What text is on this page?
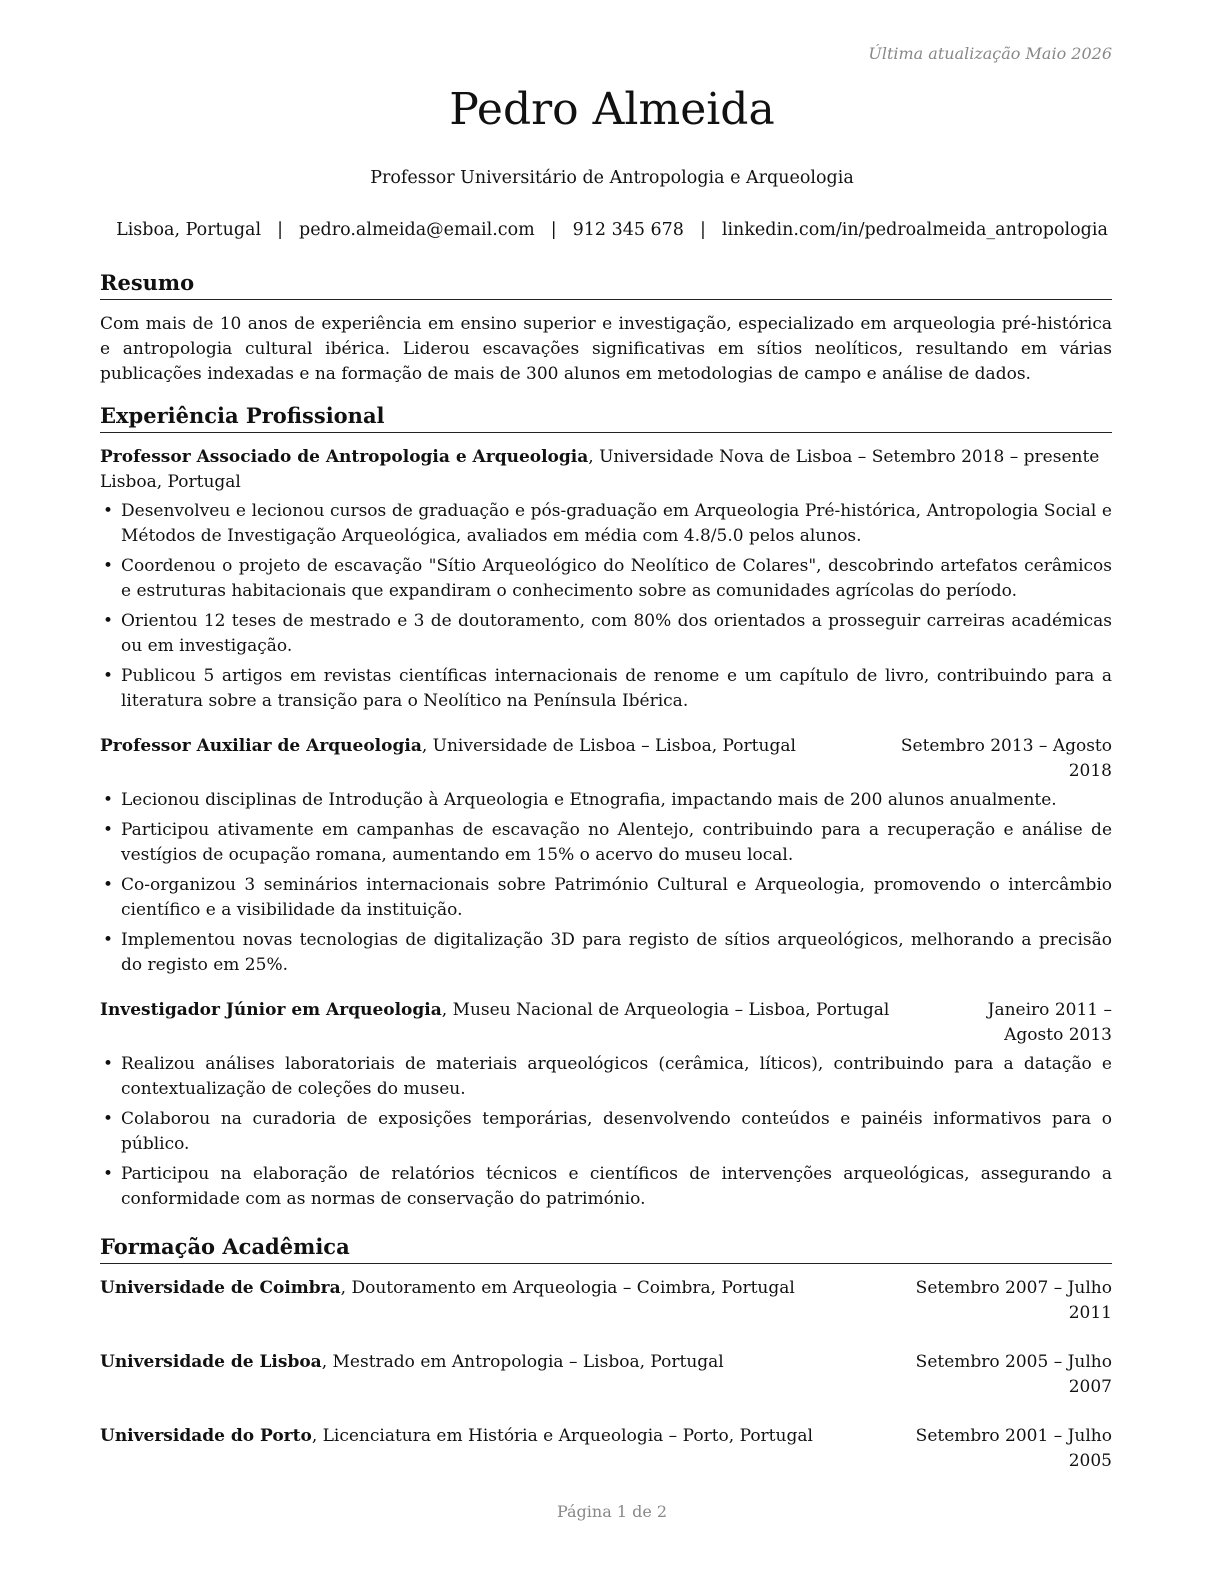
Última atualização Maio 2026
Pedro Almeida
Professor Universitário de Antropologia e Arqueologia
Lisboa, Portugal | pedro.almeida@email.com | 912 345 678 | linkedin.com/in/pedroalmeida_antropologia
Resumo
Com mais de 10 anos de experiência em ensino superior e investigação, especializado em arqueologia pré-histórica e antropologia cultural ibérica. Liderou escavações significativas em sítios neolíticos, resultando em várias publicações indexadas e na formação de mais de 300 alunos em metodologias de campo e análise de dados.
Experiência Profissional
Professor Associado de Antropologia e Arqueologia, Universidade Nova de Lisboa – Setembro 2018 – presente Lisboa, Portugal
• Desenvolveu e lecionou cursos de graduação e pós-graduação em Arqueologia Pré-histórica, Antropologia Social e Métodos de Investigação Arqueológica, avaliados em média com 4.8/5.0 pelos alunos.
• Coordenou o projeto de escavação "Sítio Arqueológico do Neolítico de Colares", descobrindo artefatos cerâmicos e estruturas habitacionais que expandiram o conhecimento sobre as comunidades agrícolas do período.
• Orientou 12 teses de mestrado e 3 de doutoramento, com 80% dos orientados a prosseguir carreiras académicas ou em investigação.
• Publicou 5 artigos em revistas científicas internacionais de renome e um capítulo de livro, contribuindo para a literatura sobre a transição para o Neolítico na Península Ibérica.
Professor Auxiliar de Arqueologia, Universidade de Lisboa – Lisboa, Portugal	Setembro 2013 – Agosto 2018
• Lecionou disciplinas de Introdução à Arqueologia e Etnografia, impactando mais de 200 alunos anualmente.
• Participou ativamente em campanhas de escavação no Alentejo, contribuindo para a recuperação e análise de vestígios de ocupação romana, aumentando em 15% o acervo do museu local.
• Co-organizou 3 seminários internacionais sobre Património Cultural e Arqueologia, promovendo o intercâmbio científico e a visibilidade da instituição.
• Implementou novas tecnologias de digitalização 3D para registo de sítios arqueológicos, melhorando a precisão do registo em 25%.
Investigador Júnior em Arqueologia, Museu Nacional de Arqueologia – Lisboa, Portugal	Janeiro 2011 – Agosto 2013
• Realizou análises laboratoriais de materiais arqueológicos (cerâmica, líticos), contribuindo para a datação e contextualização de coleções do museu.
• Colaborou na curadoria de exposições temporárias, desenvolvendo conteúdos e painéis informativos para o público.
• Participou na elaboração de relatórios técnicos e científicos de intervenções arqueológicas, assegurando a conformidade com as normas de conservação do património.
Formação Acadêmica
Universidade de Coimbra, Doutoramento em Arqueologia – Coimbra, Portugal	Setembro 2007 – Julho 2011
Universidade de Lisboa, Mestrado em Antropologia – Lisboa, Portugal	Setembro 2005 – Julho 2007
Universidade do Porto, Licenciatura em História e Arqueologia – Porto, Portugal	Setembro 2001 – Julho 2005
Página 1 de 2
